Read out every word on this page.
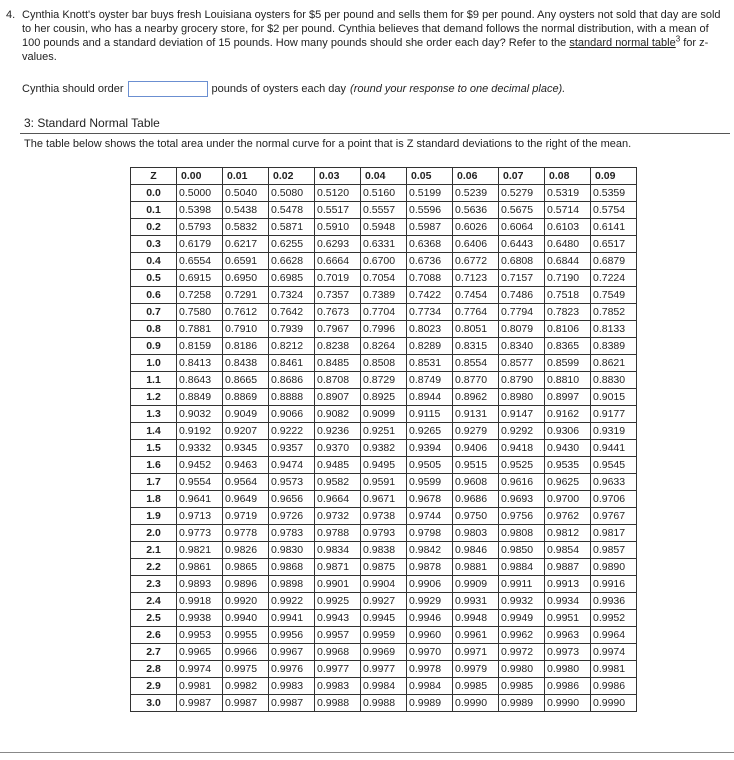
4. Cynthia Knott's oyster bar buys fresh Louisiana oysters for $5 per pound and sells them for $9 per pound. Any oysters not sold that day are sold to her cousin, who has a nearby grocery store, for $2 per pound. Cynthia believes that demand follows the normal distribution, with a mean of 100 pounds and a standard deviation of 15 pounds. How many pounds should she order each day? Refer to the standard normal table$^3$ for z-values.
Cynthia should order	pounds of oysters each day (round your response to one decimal place).
3: Standard Normal Table
The table below shows the total area under the normal curve for a point that is Z standard deviations to the right of the mean.
Z	0.00	0.01	0.02	0.03	0.04	0.05	0.06	0.07	0.08	0.09
0.0	0.5000	0.5040	0.5080	0.5120	0.5160	0.5199	0.5239	0.5279	0.5319	0.5359
0.1	0.5398	0.5438	0.5478	0.5517	0.5557	0.5596	0.5636	0.5675	0.5714	0.5754
0.2	0.5793	0.5832	0.5871	0.5910	0.5948	0.5987	0.6026	0.6064	0.6103	0.6141
0.3	0.6179	0.6217	0.6255	0.6293	0.6331	0.6368	0.6406	0.6443	0.6480	0.6517
0.4	0.6554	0.6591	0.6628	0.6664	0.6700	0.6736	0.6772	0.6808	0.6844	0.6879
0.5	0.6915	0.6950	0.6985	0.7019	0.7054	0.7088	0.7123	0.7157	0.7190	0.7224
0.6	0.7258	0.7291	0.7324	0.7357	0.7389	0.7422	0.7454	0.7486	0.7518	0.7549
0.7	0.7580	0.7612	0.7642	0.7673	0.7704	0.7734	0.7764	0.7794	0.7823	0.7852
0.8	0.7881	0.7910	0.7939	0.7967	0.7996	0.8023	0.8051	0.8079	0.8106	0.8133
0.9	0.8159	0.8186	0.8212	0.8238	0.8264	0.8289	0.8315	0.8340	0.8365	0.8389
1.0	0.8413	0.8438	0.8461	0.8485	0.8508	0.8531	0.8554	0.8577	0.8599	0.8621
1.1	0.8643	0.8665	0.8686	0.8708	0.8729	0.8749	0.8770	0.8790	0.8810	0.8830
1.2	0.8849	0.8869	0.8888	0.8907	0.8925	0.8944	0.8962	0.8980	0.8997	0.9015
1.3	0.9032	0.9049	0.9066	0.9082	0.9099	0.9115	0.9131	0.9147	0.9162	0.9177
1.4	0.9192	0.9207	0.9222	0.9236	0.9251	0.9265	0.9279	0.9292	0.9306	0.9319
1.5	0.9332	0.9345	0.9357	0.9370	0.9382	0.9394	0.9406	0.9418	0.9430	0.9441
1.6	0.9452	0.9463	0.9474	0.9485	0.9495	0.9505	0.9515	0.9525	0.9535	0.9545
1.7	0.9554	0.9564	0.9573	0.9582	0.9591	0.9599	0.9608	0.9616	0.9625	0.9633
1.8	0.9641	0.9649	0.9656	0.9664	0.9671	0.9678	0.9686	0.9693	0.9700	0.9706
1.9	0.9713	0.9719	0.9726	0.9732	0.9738	0.9744	0.9750	0.9756	0.9762	0.9767
2.0	0.9773	0.9778	0.9783	0.9788	0.9793	0.9798	0.9803	0.9808	0.9812	0.9817
2.1	0.9821	0.9826	0.9830	0.9834	0.9838	0.9842	0.9846	0.9850	0.9854	0.9857
2.2	0.9861	0.9865	0.9868	0.9871	0.9875	0.9878	0.9881	0.9884	0.9887	0.9890
2.3	0.9893	0.9896	0.9898	0.9901	0.9904	0.9906	0.9909	0.9911	0.9913	0.9916
2.4	0.9918	0.9920	0.9922	0.9925	0.9927	0.9929	0.9931	0.9932	0.9934	0.9936
2.5	0.9938	0.9940	0.9941	0.9943	0.9945	0.9946	0.9948	0.9949	0.9951	0.9952
2.6	0.9953	0.9955	0.9956	0.9957	0.9959	0.9960	0.9961	0.9962	0.9963	0.9964
2.7	0.9965	0.9966	0.9967	0.9968	0.9969	0.9970	0.9971	0.9972	0.9973	0.9974
2.8	0.9974	0.9975	0.9976	0.9977	0.9977	0.9978	0.9979	0.9980	0.9980	0.9981
2.9	0.9981	0.9982	0.9983	0.9983	0.9984	0.9984	0.9985	0.9985	0.9986	0.9986
3.0	0.9987	0.9987	0.9987	0.9988	0.9988	0.9989	0.9990	0.9989	0.9990	0.9990
